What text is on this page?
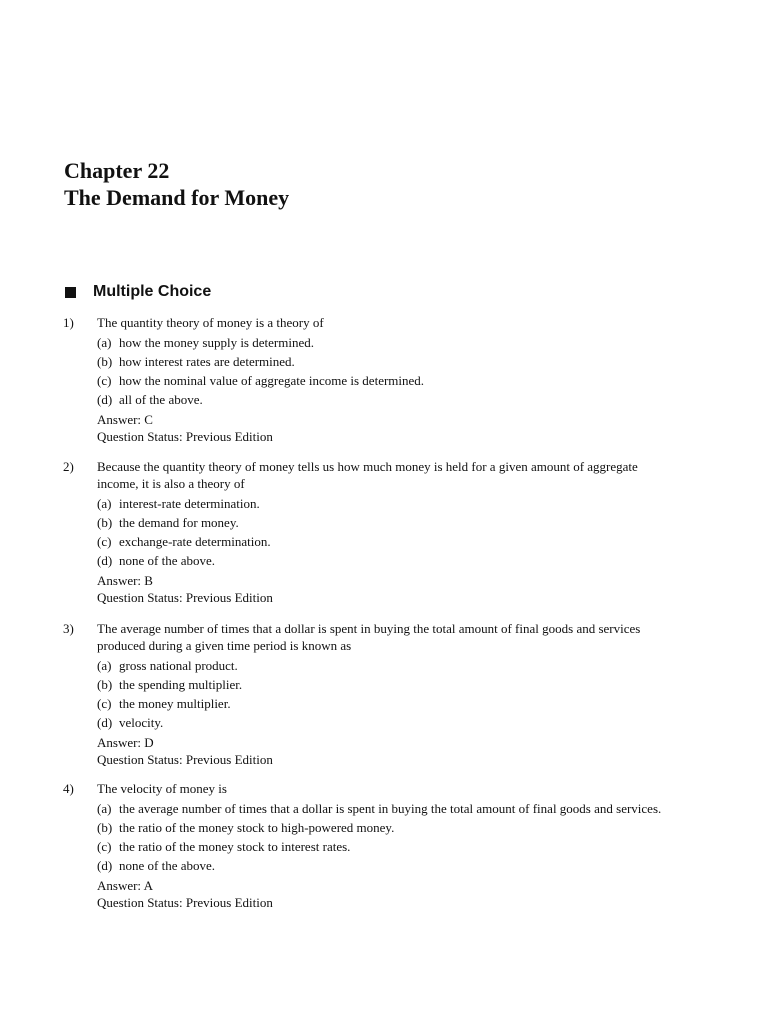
Chapter 22
The Demand for Money
Multiple Choice
1) The quantity theory of money is a theory of

(a) how the money supply is determined.
(b) how interest rates are determined.
(c) how the nominal value of aggregate income is determined.
(d) all of the above.
Answer: C
Question Status: Previous Edition
2) Because the quantity theory of money tells us how much money is held for a given amount of aggregate income, it is also a theory of

(a) interest-rate determination.
(b) the demand for money.
(c) exchange-rate determination.
(d) none of the above.
Answer: B
Question Status: Previous Edition
3) The average number of times that a dollar is spent in buying the total amount of final goods and services produced during a given time period is known as

(a) gross national product.
(b) the spending multiplier.
(c) the money multiplier.
(d) velocity.
Answer: D
Question Status: Previous Edition
4) The velocity of money is

(a) the average number of times that a dollar is spent in buying the total amount of final goods and services.
(b) the ratio of the money stock to high-powered money.
(c) the ratio of the money stock to interest rates.
(d) none of the above.
Answer: A
Question Status: Previous Edition
